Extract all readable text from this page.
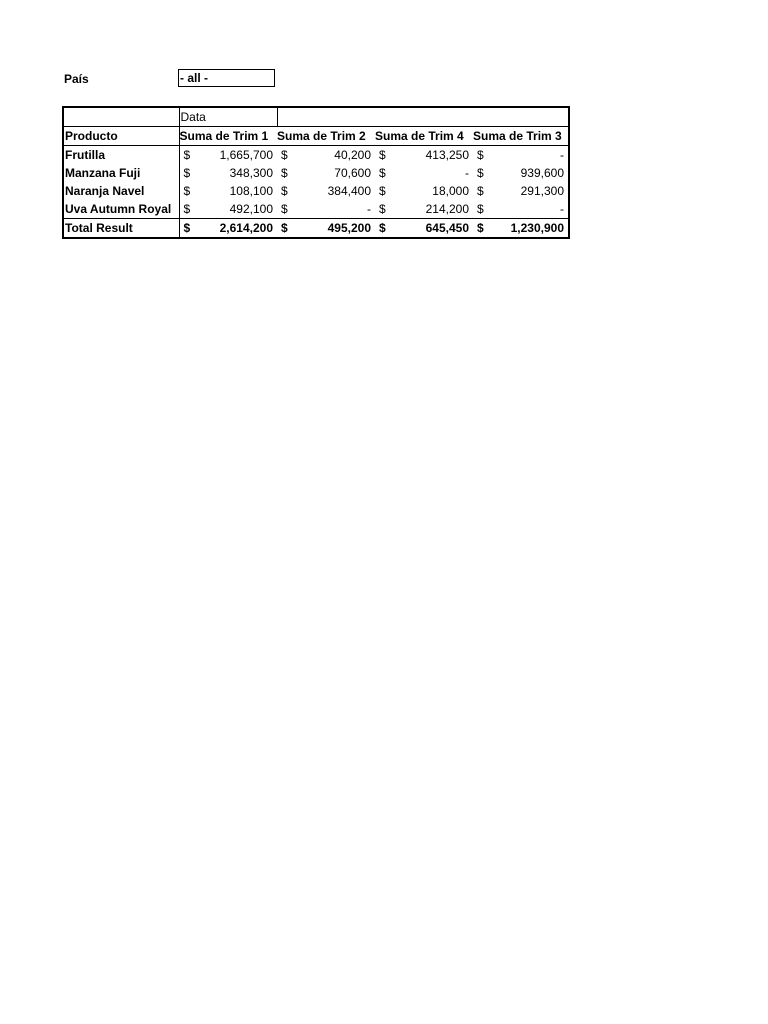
País	- all -
	Data			
Producto	Suma de Trim 1	Suma de Trim 2	Suma de Trim 4	Suma de Trim 3
Frutilla	$ 1,665,700	$ 40,200	$ 413,250	$ -

Manzana Fuji	$ 348,300	$ 70,600	$ -	$ 939,600

Naranja Navel	$ 108,100	$ 384,400	$ 18,000	$ 291,300

Uva Autumn Royal	$ 492,100	$ -	$ 214,200	$ -

Total Result	$ 2,614,200	$ 495,200	$ 645,450	$ 1,230,900
